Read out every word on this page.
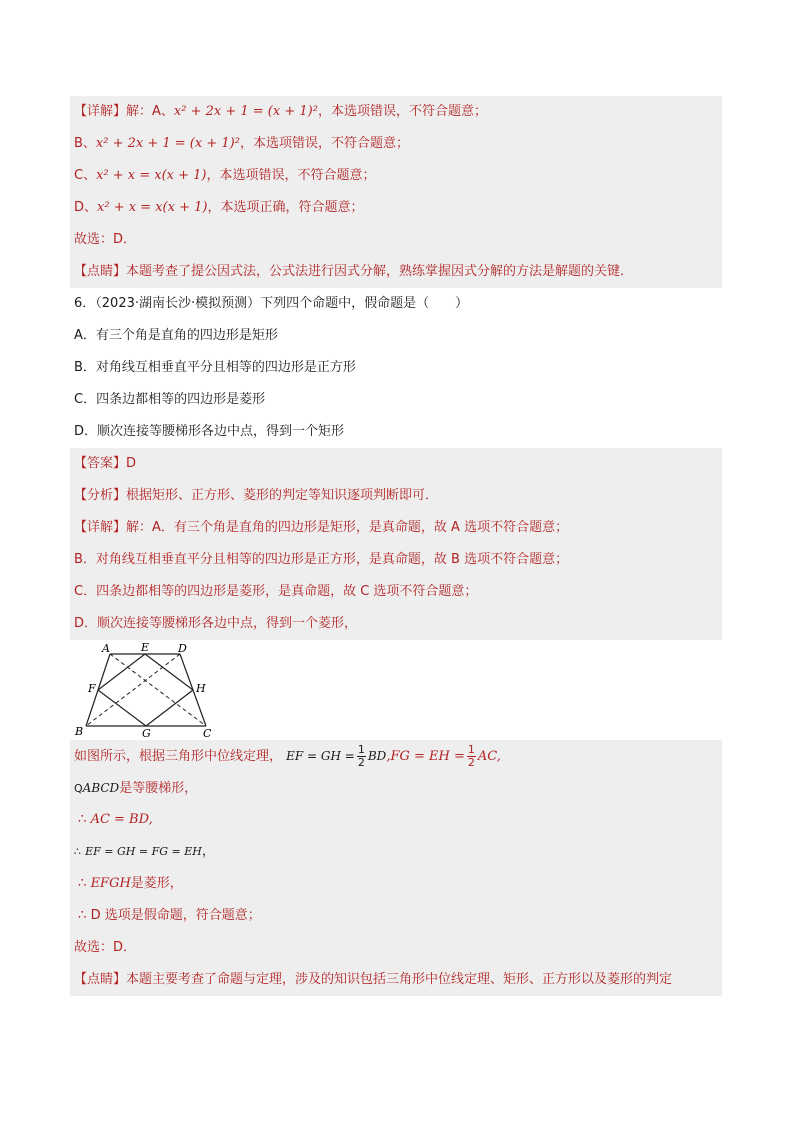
【详解】解：A、x² + 2x + 1 = (x + 1)²，本选项错误，不符合题意；
B、x² + 2x + 1 = (x + 1)²，本选项错误，不符合题意；
C、x² + x = x(x + 1)，本选项错误，不符合题意；
D、x² + x = x(x + 1)，本选项正确，符合题意；
故选：D．
【点睛】本题考查了提公因式法，公式法进行因式分解，熟练掌握因式分解的方法是解题的关键．
6．（2023·湖南长沙·模拟预测）下列四个命题中，假命题是（　　）
A．有三个角是直角的四边形是矩形
B．对角线互相垂直平分且相等的四边形是正方形
C．四条边都相等的四边形是菱形
D．顺次连接等腰梯形各边中点，得到一个矩形
【答案】D
【分析】根据矩形、正方形、菱形的判定等知识逐项判断即可．
【详解】解：A．有三个角是直角的四边形是矩形，是真命题，故 A 选项不符合题意；
B．对角线互相垂直平分且相等的四边形是正方形，是真命题，故 B 选项不符合题意；
C．四条边都相等的四边形是菱形，是真命题，故 C 选项不符合题意；
D．顺次连接等腰梯形各边中点，得到一个菱形，
A	E	D
F	H
B	G	C
如图所示，根据三角形中位线定理， EF = GH = $\frac{1}{2} BD,FG$ = EH = $\frac{1}{2}$ AC,
QABCD是等腰梯形，
∴ AC = BD,
∴ EF = GH = FG = EH，
∴ EFGH是菱形，
∴ D 选项是假命题，符合题意；
故选：D．
【点睛】本题主要考查了命题与定理，涉及的知识包括三角形中位线定理、矩形、正方形以及菱形的判定
